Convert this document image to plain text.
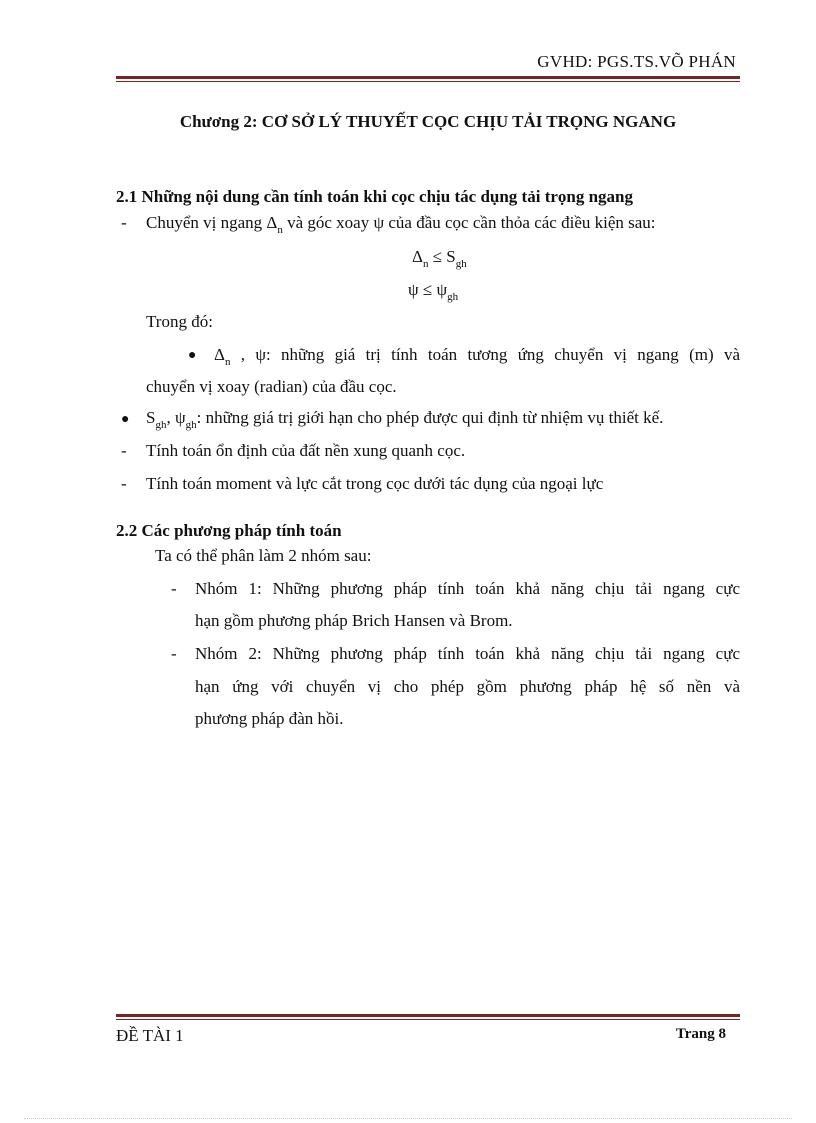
GVHD: PGS.TS.VÕ PHÁN
Chương 2: CƠ SỞ LÝ THUYẾT CỌC CHỊU TẢI TRỌNG NGANG
2.1 Những nội dung cần tính toán khi cọc chịu tác dụng tải trọng ngang
- Chuyển vị ngang $\Delta_n$ và góc xoay ψ của đầu cọc cần thỏa các điều kiện sau:
$\Delta_n \le S_{gh}$
$\psi \le \psi_{gh}$
Trong đó:
● $\Delta_n$ , ψ: những giá trị tính toán tương ứng chuyển vị ngang (m) và
chuyển vị xoay (radian) của đầu cọc.
● $S_{gh}$, $\psi_{gh}$: những giá trị giới hạn cho phép được qui định từ nhiệm vụ thiết kế.
- Tính toán ổn định của đất nền xung quanh cọc.
- Tính toán moment và lực cắt trong cọc dưới tác dụng của ngoại lực
2.2 Các phương pháp tính toán
Ta có thể phân làm 2 nhóm sau:
- Nhóm 1: Những phương pháp tính toán khả năng chịu tải ngang cực
hạn gồm phương pháp Brich Hansen và Brom.
- Nhóm 2: Những phương pháp tính toán khả năng chịu tải ngang cực
hạn ứng với chuyển vị cho phép gồm phương pháp hệ số nền và
phương pháp đàn hồi.
ĐỀ TÀI 1	Trang 8
